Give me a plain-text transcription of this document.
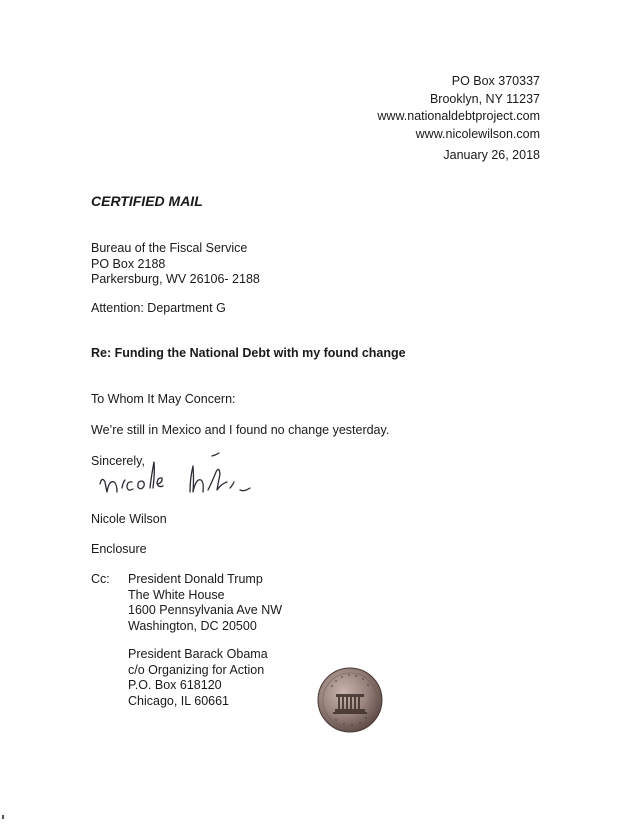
PO Box 370337
Brooklyn, NY 11237
www.nationaldebtproject.com
www.nicolewilson.com
January 26, 2018
CERTIFIED MAIL
Bureau of the Fiscal Service
PO Box 2188
Parkersburg, WV 26106- 2188
Attention: Department G
Re: Funding the National Debt with my found change
To Whom It May Concern:
We’re still in Mexico and I found no change yesterday.
Sincerely,
Nicole Wilson
Enclosure
Cc: President Donald Trump
The White House
1600 Pennsylvania Ave NW
Washington, DC 20500
President Barack Obama
c/o Organizing for Action
P.O. Box 618120
Chicago, IL 60661
